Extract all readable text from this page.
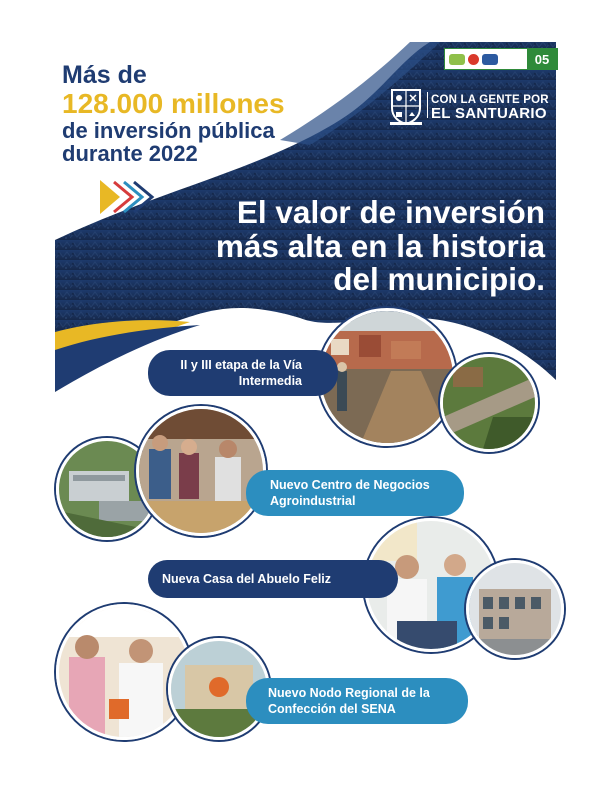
Más de
128.000 millones
de inversión pública
durante 2022
05
CON LA GENTE POR
EL SANTUARIO
El valor de inversión
más alta en la historia
del municipio.
II y III etapa de la Vía
Intermedia
Nuevo Centro de Negocios
Agroindustrial
Nueva Casa del Abuelo Feliz
Nuevo Nodo Regional de la
Confección del SENA
